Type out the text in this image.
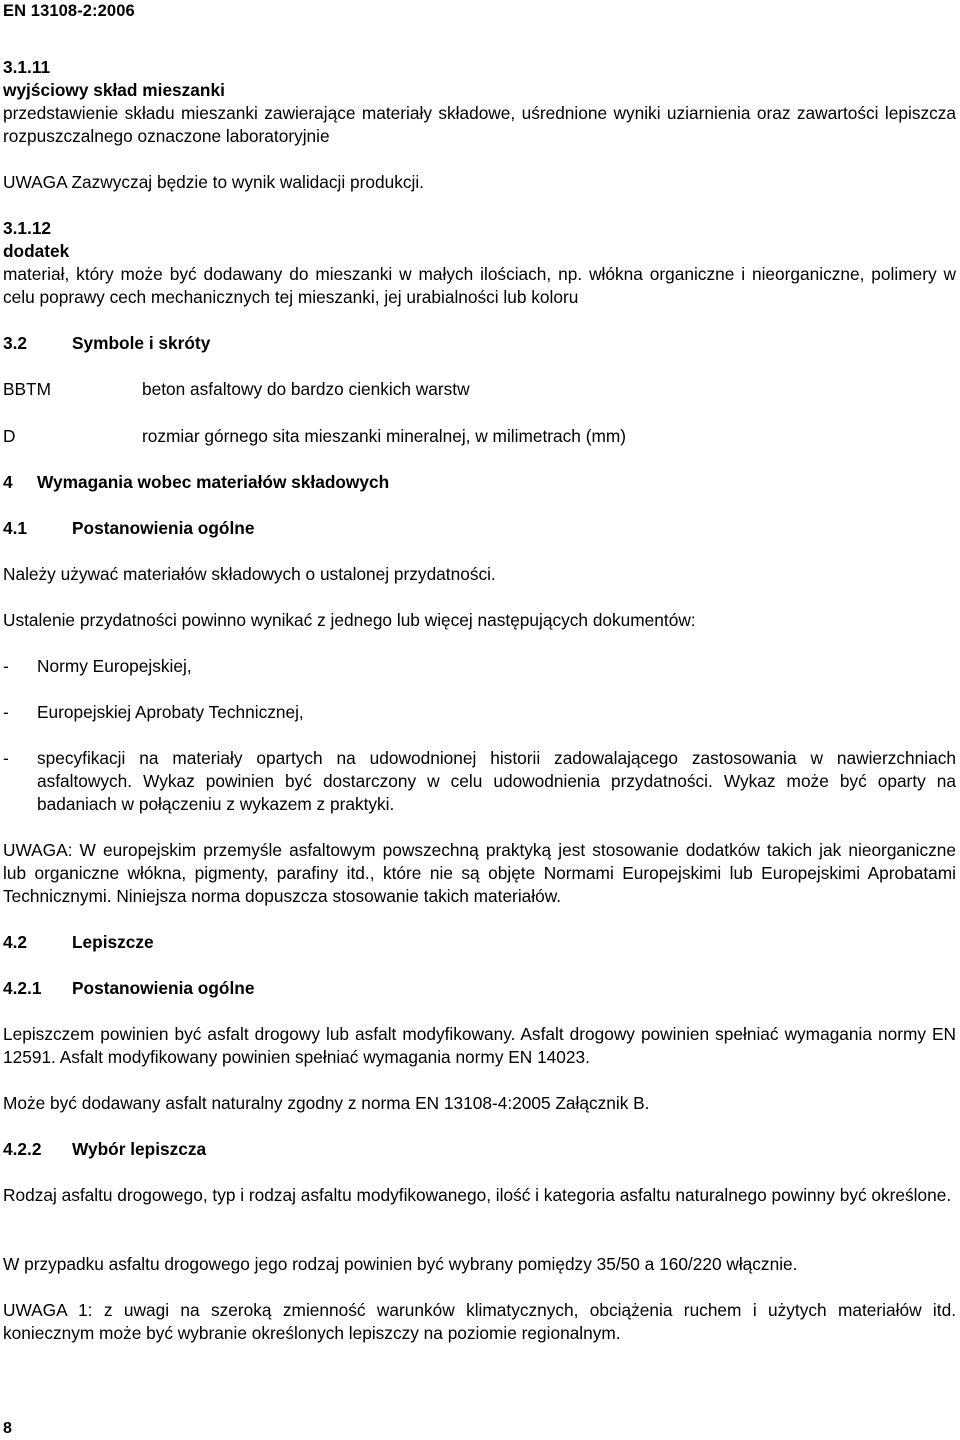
EN 13108-2:2006
3.1.11
wyjściowy skład mieszanki
przedstawienie składu mieszanki zawierające materiały składowe, uśrednione wyniki uziarnienia oraz zawartości lepiszcza rozpuszczalnego oznaczone laboratoryjnie
UWAGA Zazwyczaj będzie to wynik walidacji produkcji.
3.1.12
dodatek
materiał, który może być dodawany do mieszanki w małych ilościach, np. włókna organiczne i nieorganiczne, polimery w celu poprawy cech mechanicznych tej mieszanki, jej urabialności lub koloru
3.2	Symbole i skróty
BBTM	beton asfaltowy do bardzo cienkich warstw
D	rozmiar górnego sita mieszanki mineralnej, w milimetrach (mm)
4 Wymagania wobec materiałów składowych
4.1	Postanowienia ogólne
Należy używać materiałów składowych o ustalonej przydatności.
Ustalenie przydatności powinno wynikać z jednego lub więcej następujących dokumentów:
- Normy Europejskiej,
- Europejskiej Aprobaty Technicznej,
- specyfikacji na materiały opartych na udowodnionej historii zadowalającego zastosowania w nawierzchniach asfaltowych. Wykaz powinien być dostarczony w celu udowodnienia przydatności. Wykaz może być oparty na badaniach w połączeniu z wykazem z praktyki.
UWAGA: W europejskim przemyśle asfaltowym powszechną praktyką jest stosowanie dodatków takich jak nieorganiczne lub organiczne włókna, pigmenty, parafiny itd., które nie są objęte Normami Europejskimi lub Europejskimi Aprobatami Technicznymi. Niniejsza norma dopuszcza stosowanie takich materiałów.
4.2	Lepiszcze
4.2.1 Postanowienia ogólne
Lepiszczem powinien być asfalt drogowy lub asfalt modyfikowany. Asfalt drogowy powinien spełniać wymagania normy EN 12591. Asfalt modyfikowany powinien spełniać wymagania normy EN 14023.
Może być dodawany asfalt naturalny zgodny z norma EN 13108-4:2005 Załącznik B.
4.2.2 Wybór lepiszcza
Rodzaj asfaltu drogowego, typ i rodzaj asfaltu modyfikowanego, ilość i kategoria asfaltu naturalnego powinny być określone.
W przypadku asfaltu drogowego jego rodzaj powinien być wybrany pomiędzy 35/50 a 160/220 włącznie.
UWAGA 1: z uwagi na szeroką zmienność warunków klimatycznych, obciążenia ruchem i użytych materiałów itd. koniecznym może być wybranie określonych lepiszczy na poziomie regionalnym.
8
